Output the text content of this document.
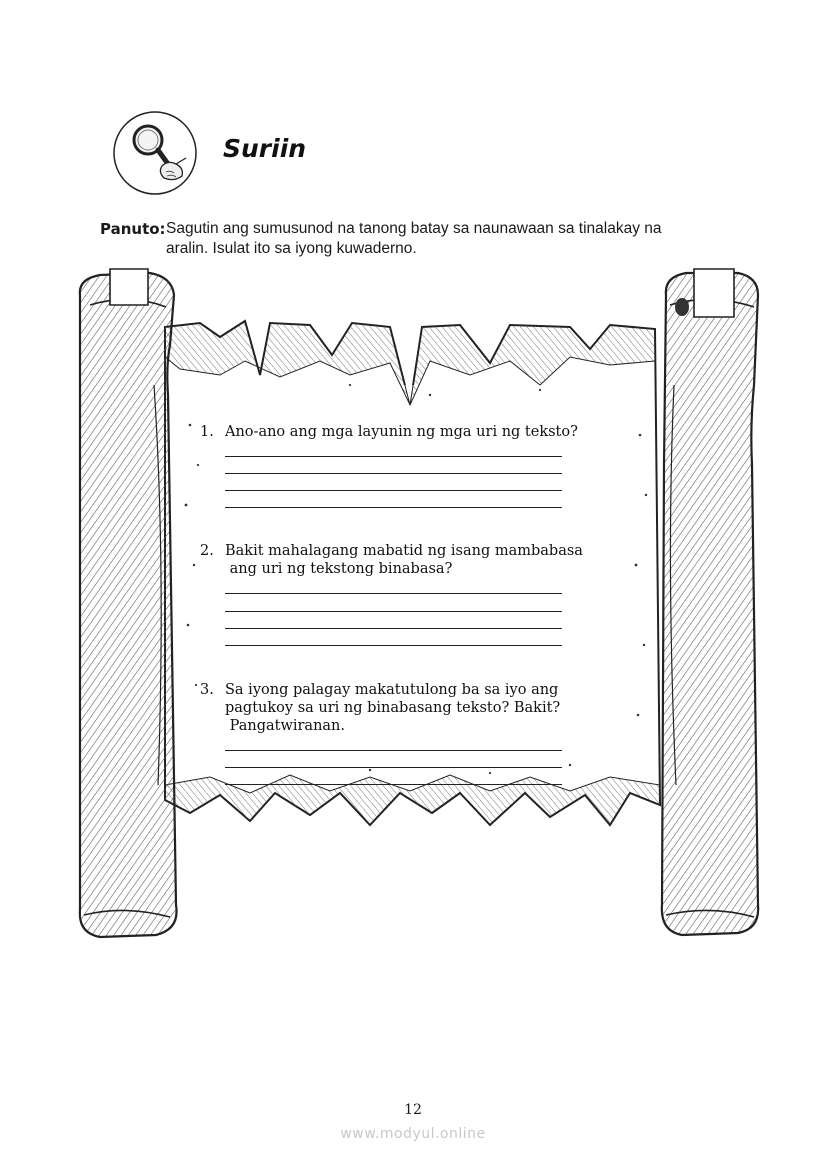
Suriin
Panuto: Sagutin ang sumusunod na tanong batay sa naunawaan sa tinalakay na
aralin. Isulat ito sa iyong kuwaderno.
1. Ano-ano ang mga layunin ng mga uri ng teksto?
2. Bakit mahalagang mabatid ng isang mambabasa
ang uri ng tekstong binabasa?
3. Sa iyong palagay makatutulong ba sa iyo ang
pagtukoy sa uri ng binabasang teksto? Bakit?
Pangatwiranan.
12
www.modyul.online
